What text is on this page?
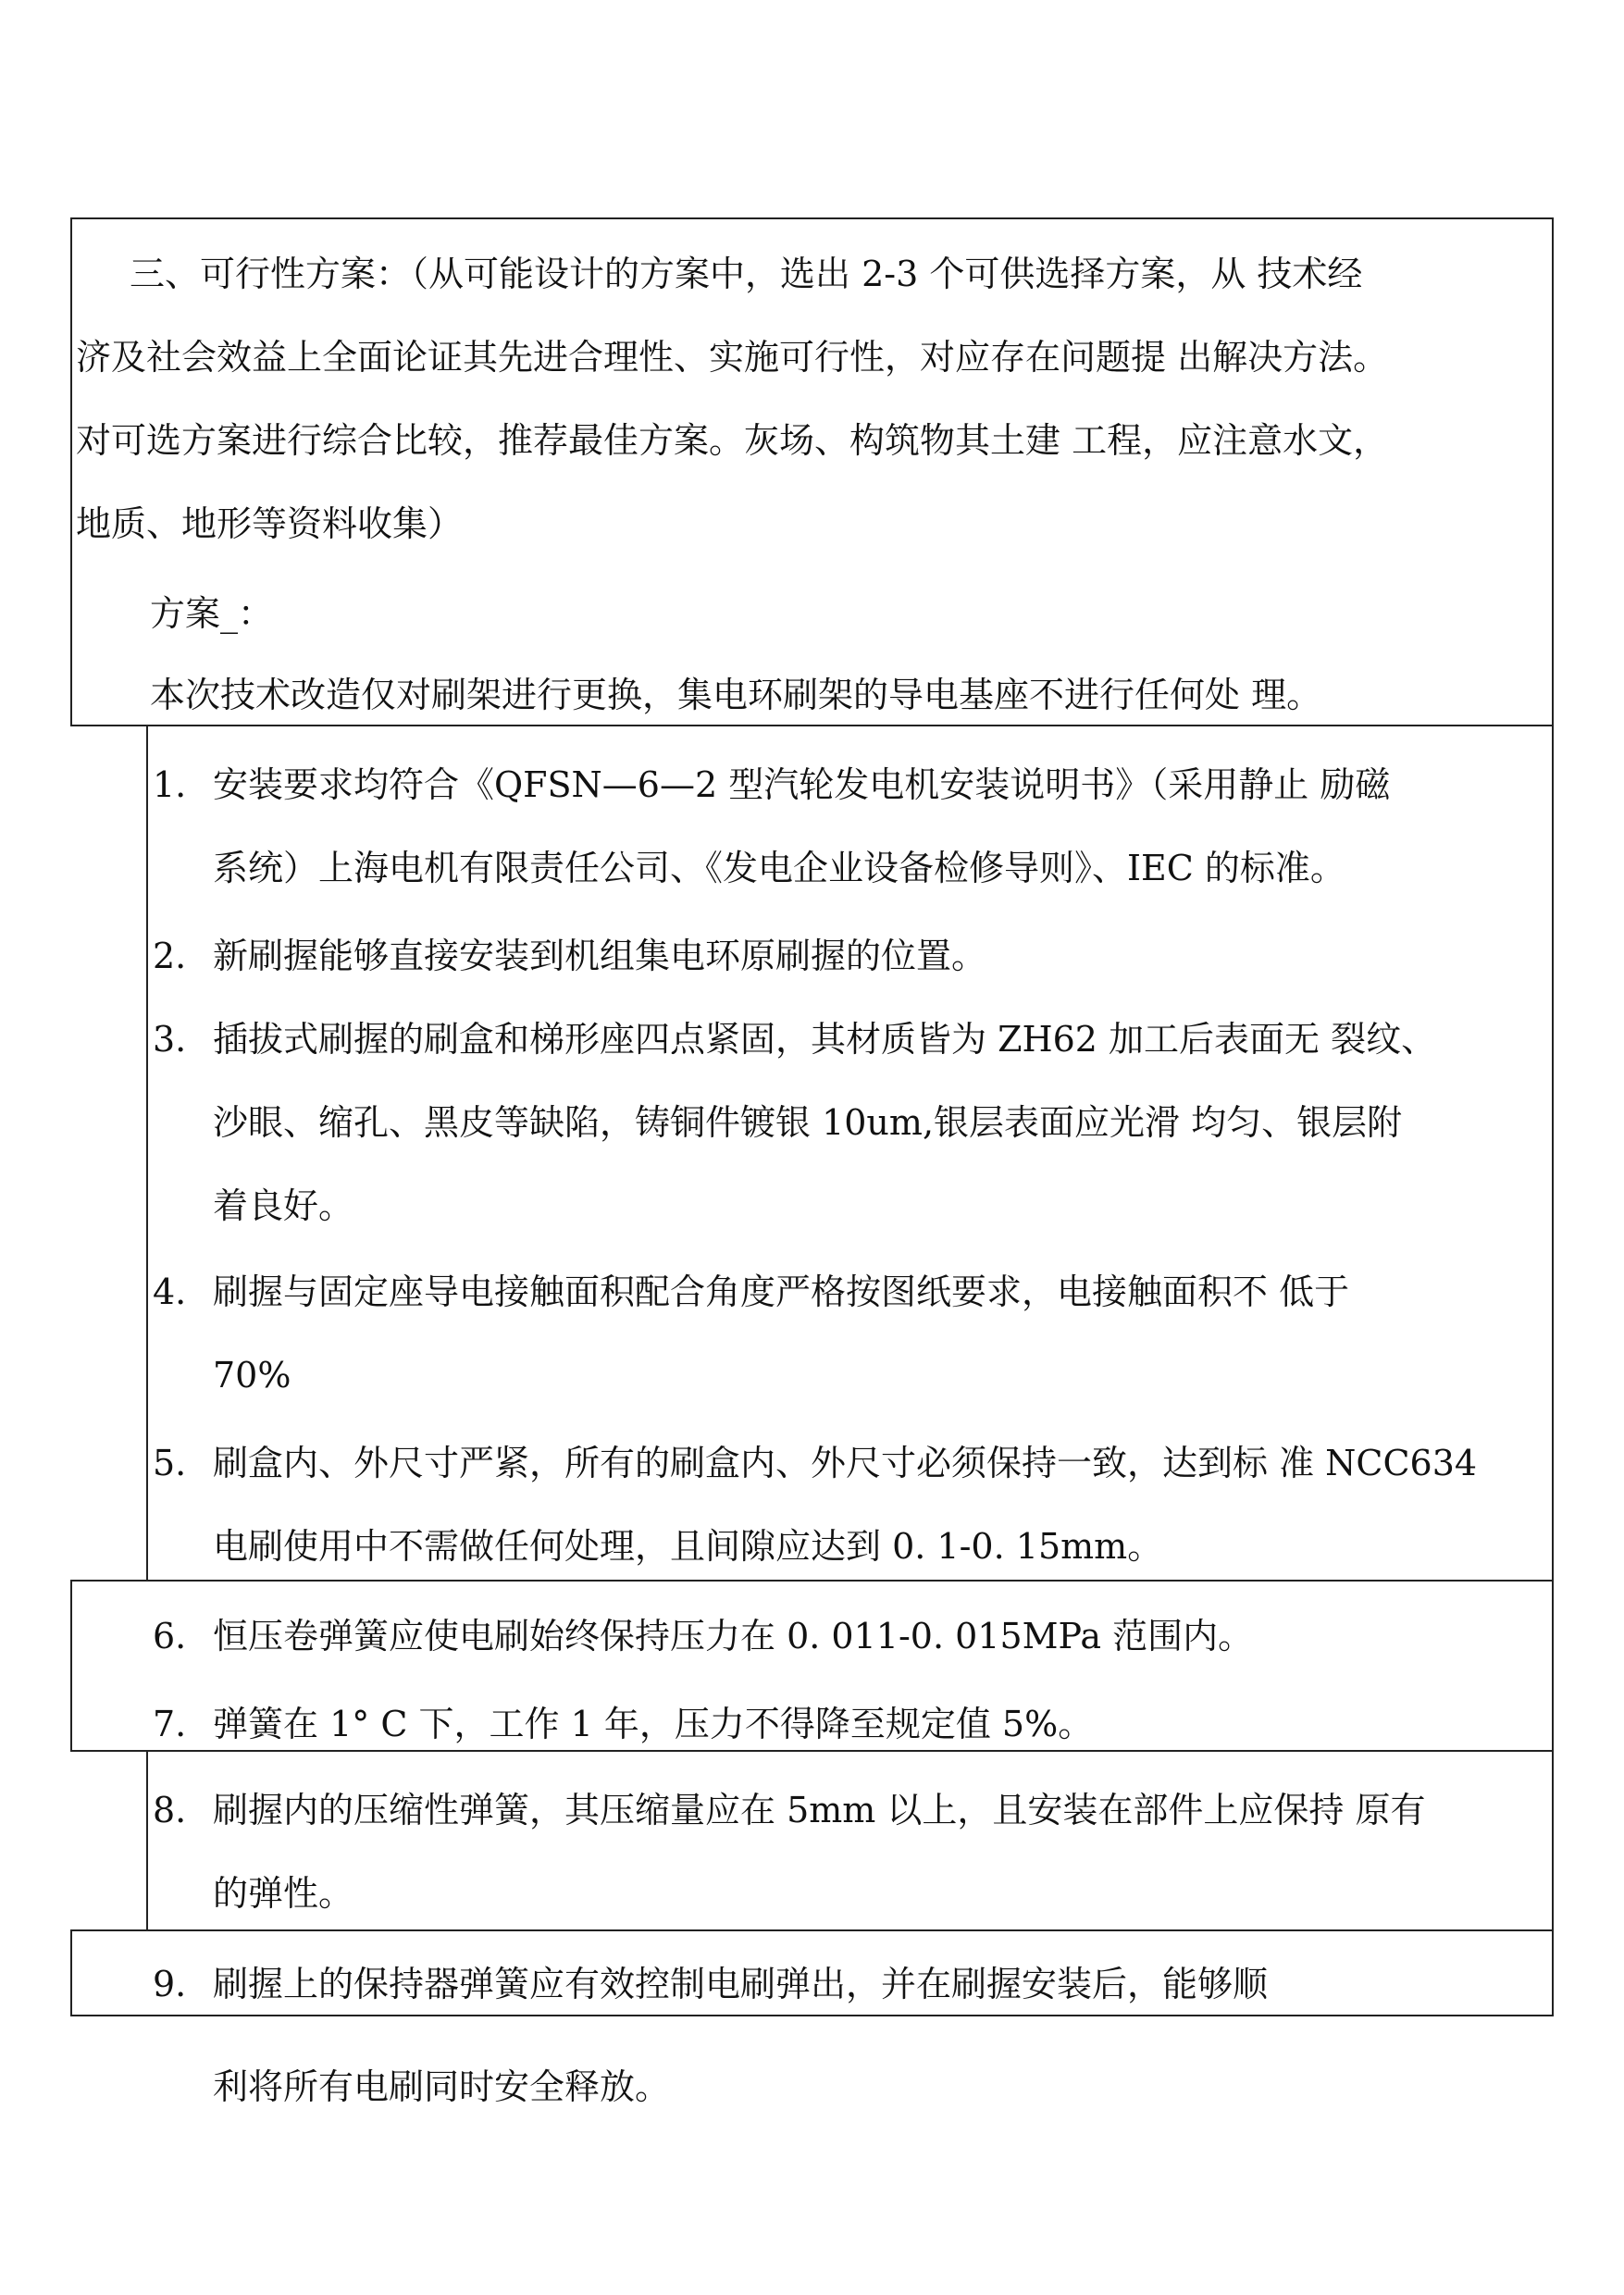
三、可行性方案：（从可能设计的方案中，选出 2-3 个可供选择方案，从 技术经
济及社会效益上全面论证其先进合理性、实施可行性，对应存在问题提 出解决方法。
对可选方案进行综合比较，推荐最佳方案。灰场、构筑物其土建 工程，应注意水文，
地质、地形等资料收集）
方案_：
本次技术改造仅对刷架进行更换，集电环刷架的导电基座不进行任何处 理。
1. 安装要求均符合《QFSN—6—2 型汽轮发电机安装说明书》（采用静止 励磁
系统）上海电机有限责任公司、《发电企业设备检修导则》、IEC 的标准。
2. 新刷握能够直接安装到机组集电环原刷握的位置。
3. 插拔式刷握的刷盒和梯形座四点紧固，其材质皆为 ZH62 加工后表面无 裂纹、
沙眼、缩孔、黑皮等缺陷，铸铜件镀银 10um,银层表面应光滑 均匀、银层附
着良好。
4. 刷握与固定座导电接触面积配合角度严格按图纸要求，电接触面积不 低于
70%
5. 刷盒内、外尺寸严紧，所有的刷盒内、外尺寸必须保持一致，达到标 准 NCC634
电刷使用中不需做任何处理，且间隙应达到 0. 1-0. 15mm。
6. 恒压卷弹簧应使电刷始终保持压力在 0. 011-0. 015MPa 范围内。
7. 弹簧在 1° C 下，工作 1 年，压力不得降至规定值 5%。
8. 刷握内的压缩性弹簧，其压缩量应在 5mm 以上，且安装在部件上应保持 原有
的弹性。
9. 刷握上的保持器弹簧应有效控制电刷弹出，并在刷握安装后，能够顺
利将所有电刷同时安全释放。
